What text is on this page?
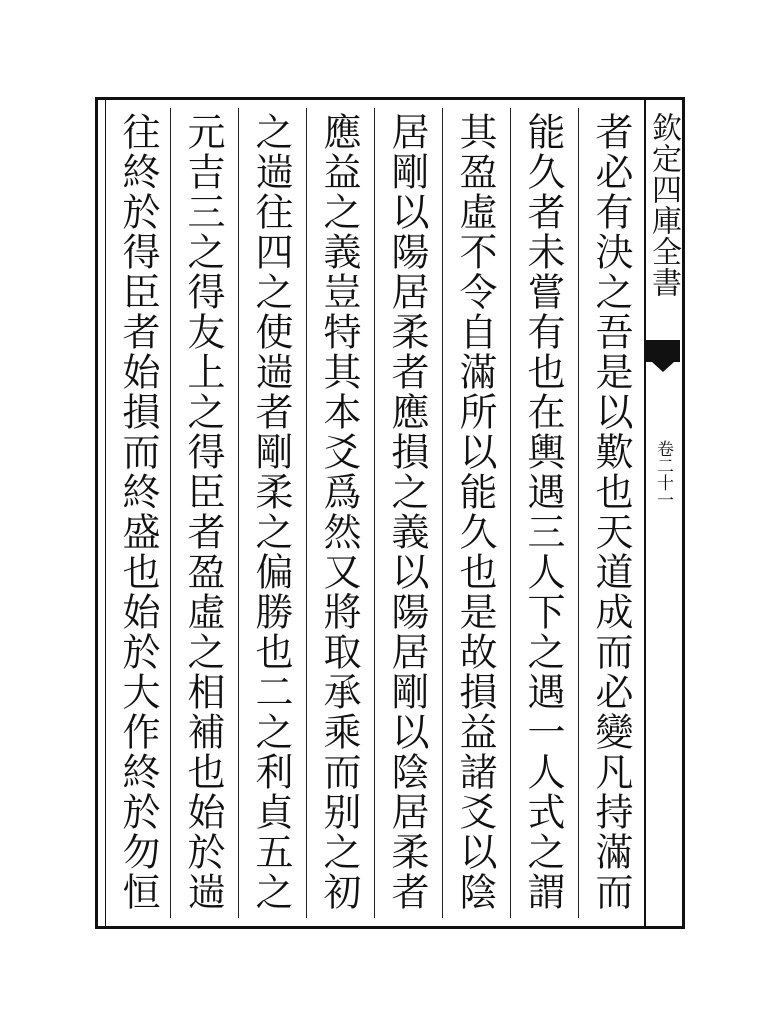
欽定四庫全書
卷二十一
者必有決之吾是以歎也天道成而必變凡持滿而
能久者未嘗有也在輿遇三人下之遇一人式之謂
其盈虛不令自滿所以能久也是故損益諸爻以陰
居剛以陽居柔者應損之義以陽居剛以陰居柔者
應益之義豈特其本爻爲然又將取承乘而别之初
之遄往四之使遄者剛柔之偏勝也二之利貞五之
元吉三之得友上之得臣者盈虛之相補也始於遄
往終於得臣者始損而終盛也始於大作終於勿恒
